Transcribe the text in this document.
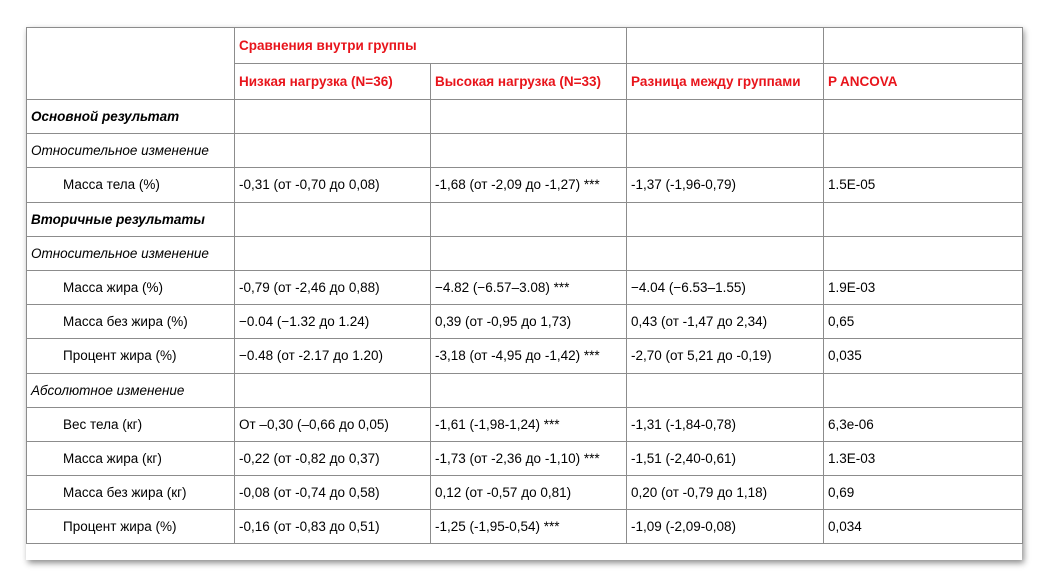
	Сравнения внутри группы			
	Низкая нагрузка (N=36)	Высокая нагрузка (N=33)	Разница между группами	P ANCOVA
Основной результат				
Относительное изменение				
Масса тела (%)	-0,31 (от -0,70 до 0,08)	-1,68 (от -2,09 до -1,27) ***	-1,37 (-1,96-0,79)	1.5E-05
Вторичные результаты				
Относительное изменение				
Масса жира (%)	-0,79 (от -2,46 до 0,88)	−4.82 (−6.57–3.08) ***	−4.04 (−6.53–1.55)	1.9E-03
Масса без жира (%)	−0.04 (−1.32 до 1.24)	0,39 (от -0,95 до 1,73)	0,43 (от -1,47 до 2,34)	0,65
Процент жира (%)	−0.48 (от -2.17 до 1.20)	-3,18 (от -4,95 до -1,42) ***	-2,70 (от 5,21 до -0,19)	0,035
Абсолютное изменение				
Вес тела (кг)	От –0,30 (–0,66 до 0,05)	-1,61 (-1,98-1,24) ***	-1,31 (-1,84-0,78)	6,3е-06
Масса жира (кг)	-0,22 (от -0,82 до 0,37)	-1,73 (от -2,36 до -1,10) ***	-1,51 (-2,40-0,61)	1.3E-03
Масса без жира (кг)	-0,08 (от -0,74 до 0,58)	0,12 (от -0,57 до 0,81)	0,20 (от -0,79 до 1,18)	0,69
Процент жира (%)	-0,16 (от -0,83 до 0,51)	-1,25 (-1,95-0,54) ***	-1,09 (-2,09-0,08)	0,034
